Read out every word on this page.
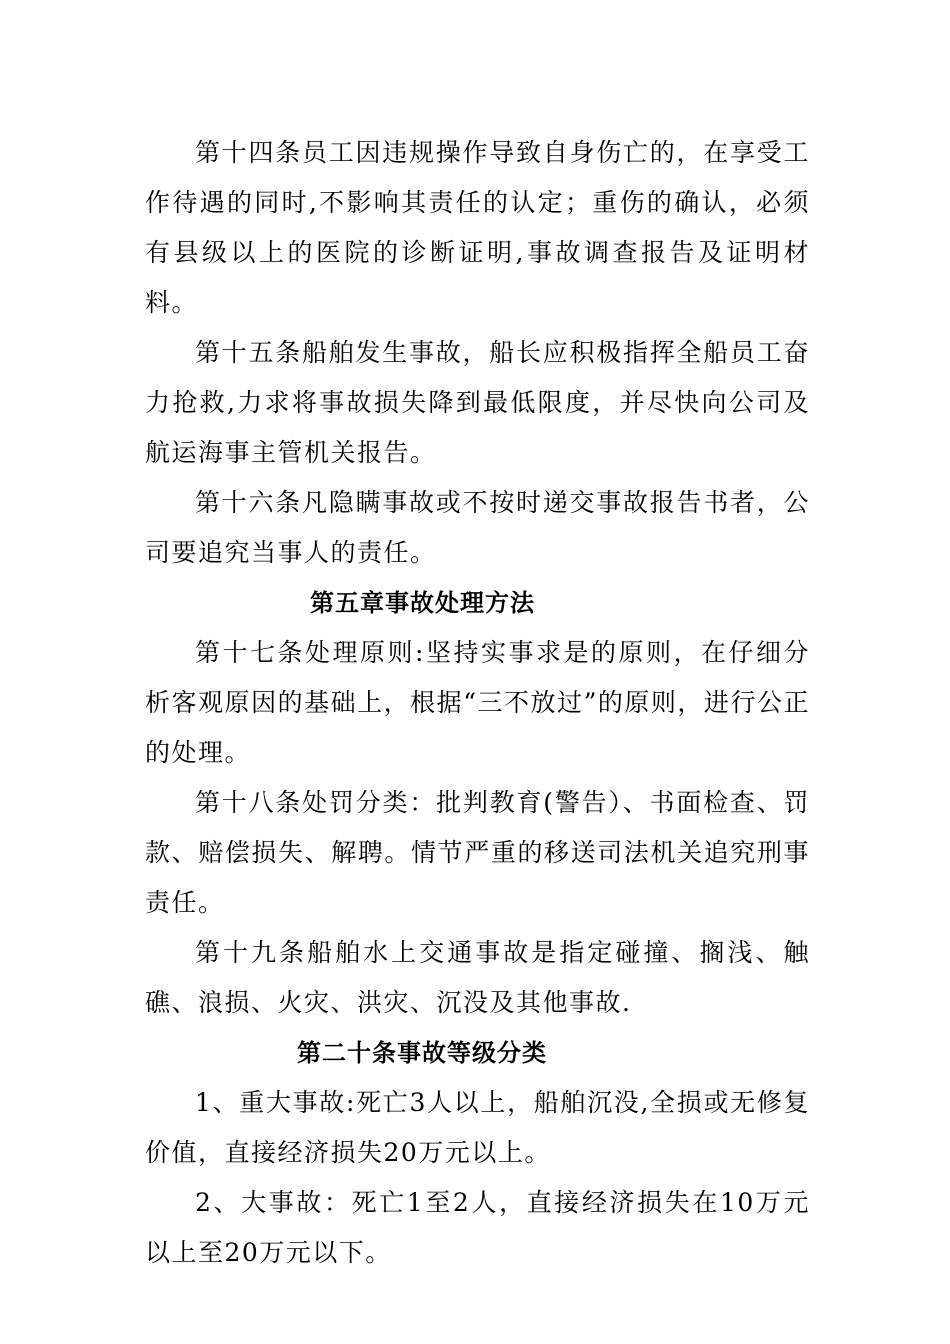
第十四条员工因违规操作导致自身伤亡的，在享受工作待遇的同时,不影响其责任的认定；重伤的确认，必须有县级以上的医院的诊断证明,事故调查报告及证明材料。

第十五条船舶发生事故，船长应积极指挥全船员工奋力抢救,力求将事故损失降到最低限度，并尽快向公司及航运海事主管机关报告。

第十六条凡隐瞒事故或不按时递交事故报告书者，公司要追究当事人的责任。

第五章事故处理方法

第十七条处理原则:坚持实事求是的原则，在仔细分析客观原因的基础上，根据“三不放过”的原则，进行公正的处理。

第十八条处罚分类：批判教育(警告）、书面检查、罚款、赔偿损失、解聘。情节严重的移送司法机关追究刑事责任。

第十九条船舶水上交通事故是指定碰撞、搁浅、触礁、浪损、火灾、洪灾、沉没及其他事故.

第二十条事故等级分类

1、重大事故:死亡3人以上，船舶沉没,全损或无修复价值，直接经济损失20万元以上。

2、大事故：死亡1至2人，直接经济损失在10万元以上至20万元以下。
